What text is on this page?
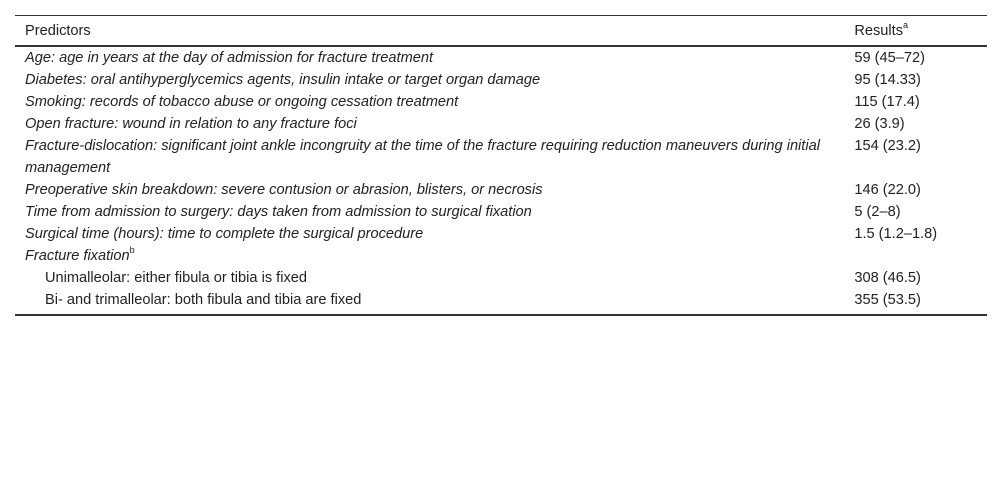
Predictors	Results$^a$
Age: age in years at the day of admission for fracture treatment	59 (45–72)
Diabetes: oral antihyperglycemics agents, insulin intake or target organ damage	95 (14.33)
Smoking: records of tobacco abuse or ongoing cessation treatment	115 (17.4)
Open fracture: wound in relation to any fracture foci	26 (3.9)
Fracture-dislocation: significant joint ankle incongruity at the time of the fracture requiring reduction maneuvers during initial management	154 (23.2)
Preoperative skin breakdown: severe contusion or abrasion, blisters, or necrosis	146 (22.0)
Time from admission to surgery: days taken from admission to surgical fixation	5 (2–8)
Surgical time (hours): time to complete the surgical procedure	1.5 (1.2–1.8)
Fracture fixation$^b$	
Unimalleolar: either fibula or tibia is fixed	308 (46.5)
Bi- and trimalleolar: both fibula and tibia are fixed	355 (53.5)
